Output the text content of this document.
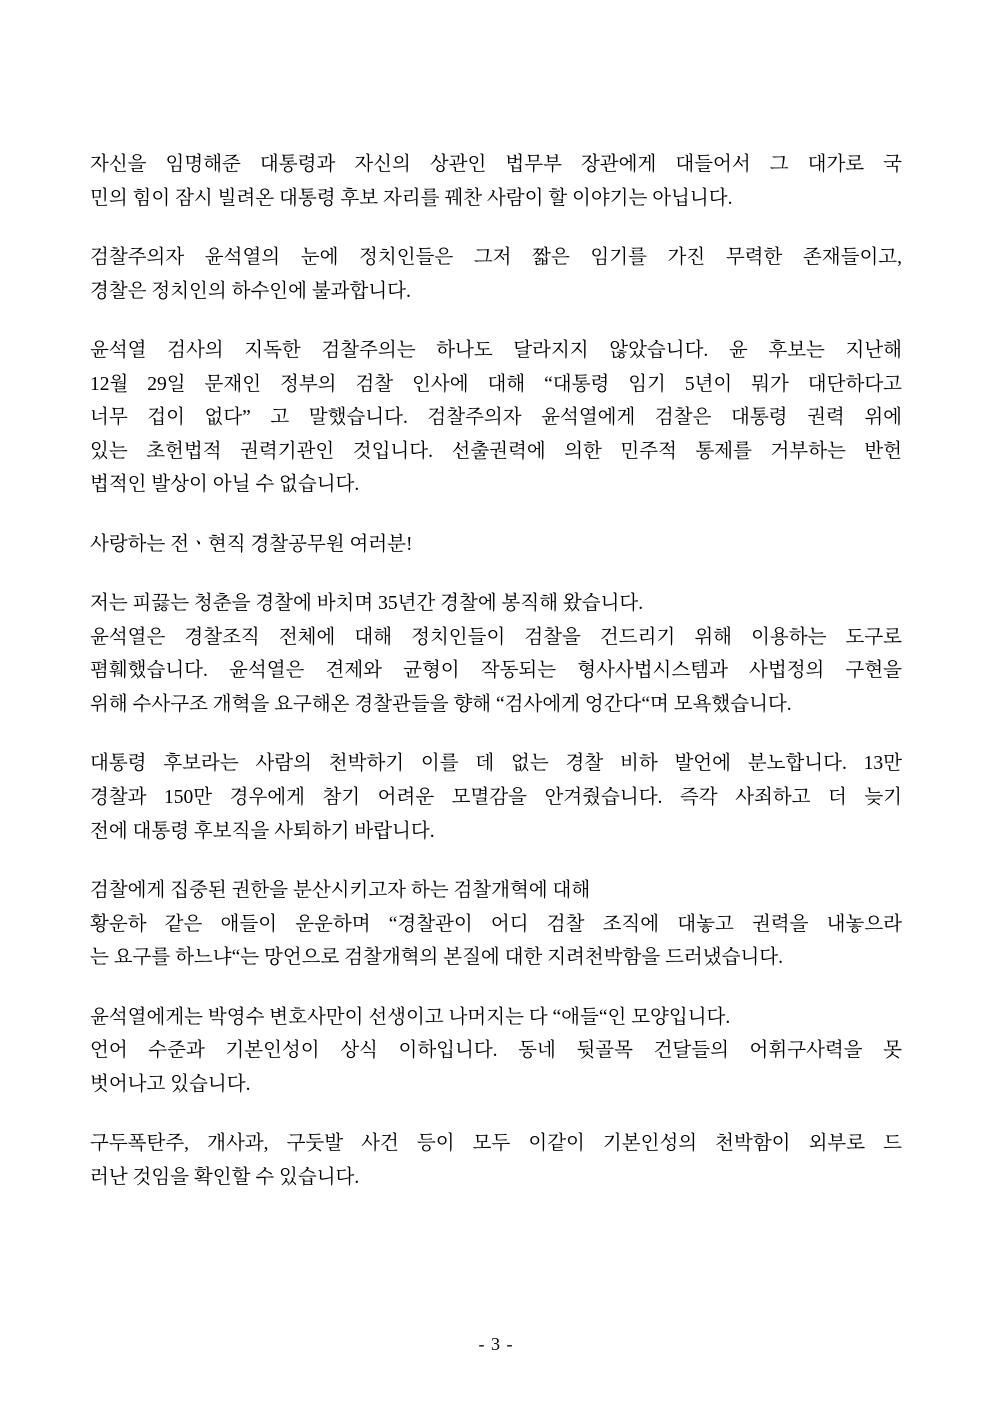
자신을 임명해준 대통령과 자신의 상관인 법무부 장관에게 대들어서 그 대가로 국
민의 힘이 잠시 빌려온 대통령 후보 자리를 꿰찬 사람이 할 이야기는 아닙니다.

검찰주의자 윤석열의 눈에 정치인들은 그저 짧은 임기를 가진 무력한 존재들이고,
경찰은 정치인의 하수인에 불과합니다.

윤석열 검사의 지독한 검찰주의는 하나도 달라지지 않았습니다. 윤 후보는 지난해
12월 29일 문재인 정부의 검찰 인사에 대해 “대통령 임기 5년이 뭐가 대단하다고
너무 겁이 없다” 고 말했습니다. 검찰주의자 윤석열에게 검찰은 대통령 권력 위에
있는 초헌법적 권력기관인 것입니다. 선출권력에 의한 민주적 통제를 거부하는 반헌
법적인 발상이 아닐 수 없습니다.

사랑하는 전ㆍ현직 경찰공무원 여러분!

저는 피끓는 청춘을 경찰에 바치며 35년간 경찰에 봉직해 왔습니다.
윤석열은 경찰조직 전체에 대해 정치인들이 검찰을 건드리기 위해 이용하는 도구로
폄훼했습니다. 윤석열은 견제와 균형이 작동되는 형사사법시스템과 사법정의 구현을
위해 수사구조 개혁을 요구해온 경찰관들을 향해 “검사에게 엉간다“며 모욕했습니다.

대통령 후보라는 사람의 천박하기 이를 데 없는 경찰 비하 발언에 분노합니다. 13만
경찰과 150만 경우에게 참기 어려운 모멸감을 안겨줬습니다. 즉각 사죄하고 더 늦기
전에 대통령 후보직을 사퇴하기 바랍니다.

검찰에게 집중된 권한을 분산시키고자 하는 검찰개혁에 대해
황운하 같은 애들이 운운하며 “경찰관이 어디 검찰 조직에 대놓고 권력을 내놓으라
는 요구를 하느냐“는 망언으로 검찰개혁의 본질에 대한 지려천박함을 드러냈습니다.

윤석열에게는 박영수 변호사만이 선생이고 나머지는 다 “애들“인 모양입니다.
언어 수준과 기본인성이 상식 이하입니다. 동네 뒷골목 건달들의 어휘구사력을 못
벗어나고 있습니다.

구두폭탄주, 개사과, 구둣발 사건 등이 모두 이같이 기본인성의 천박함이 외부로 드
러난 것임을 확인할 수 있습니다.

- 3 -
